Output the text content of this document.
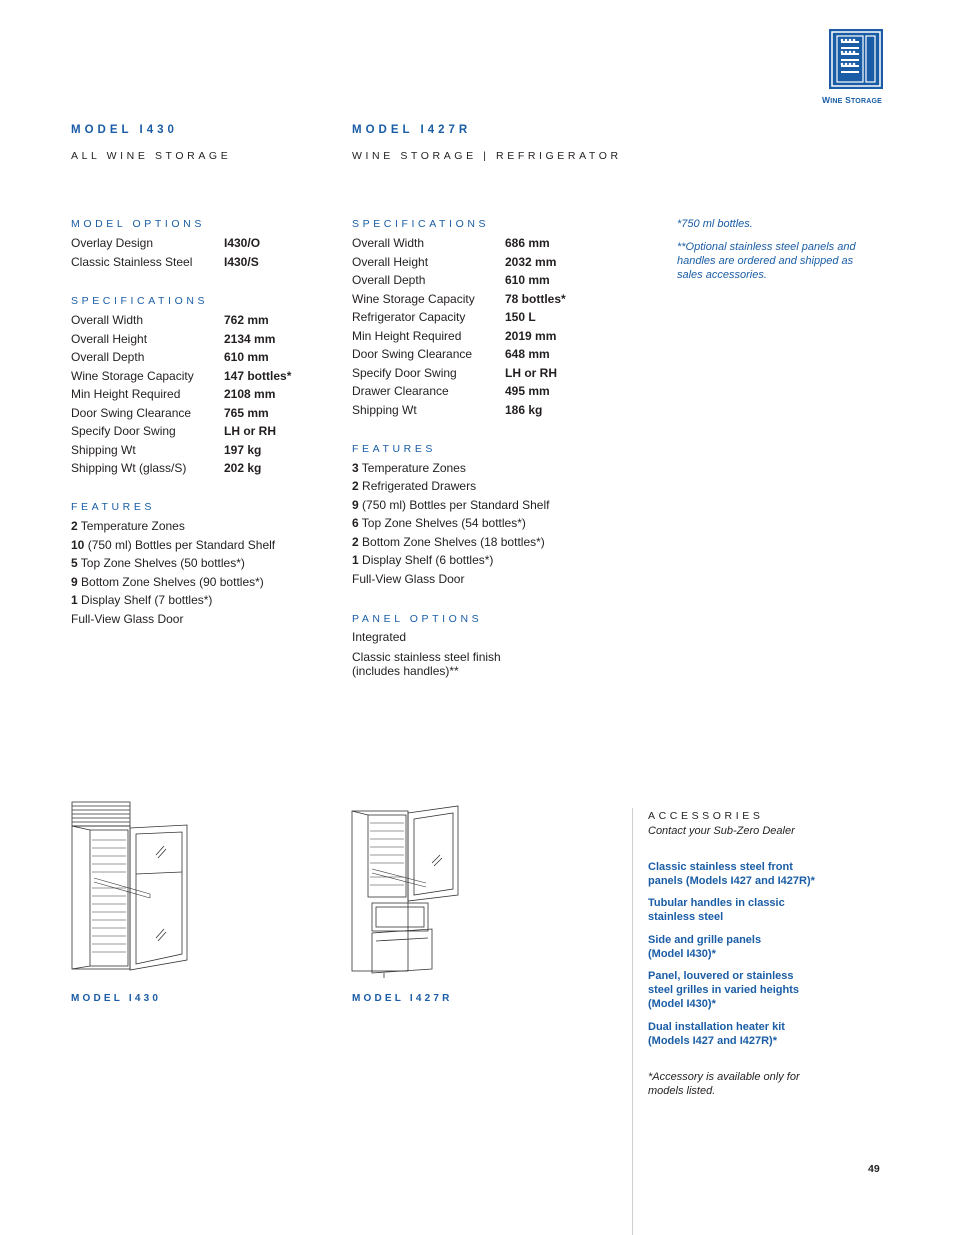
WINE STORAGE
MODEL I430
ALL WINE STORAGE
MODEL OPTIONS
Overlay Design	I430/O
Classic Stainless Steel	I430/S
SPECIFICATIONS
Overall Width	762 mm
Overall Height	2134 mm
Overall Depth	610 mm
Wine Storage Capacity	147 bottles*
Min Height Required	2108 mm
Door Swing Clearance	765 mm
Specify Door Swing	LH or RH
Shipping Wt	197 kg
Shipping Wt (glass/S)	202 kg
FEATURES
2 Temperature Zones
10 (750 ml) Bottles per Standard Shelf
5 Top Zone Shelves (50 bottles*)
9 Bottom Zone Shelves (90 bottles*)
1 Display Shelf (7 bottles*)
Full-View Glass Door
MODEL I427R
WINE STORAGE | REFRIGERATOR
SPECIFICATIONS
Overall Width	686 mm
Overall Height	2032 mm
Overall Depth	610 mm
Wine Storage Capacity	78 bottles*
Refrigerator Capacity	150 L
Min Height Required	2019 mm
Door Swing Clearance	648 mm
Specify Door Swing	LH or RH
Drawer Clearance	495 mm
Shipping Wt	186 kg
FEATURES
3 Temperature Zones
2 Refrigerated Drawers
9 (750 ml) Bottles per Standard Shelf
6 Top Zone Shelves (54 bottles*)
2 Bottom Zone Shelves (18 bottles*)
1 Display Shelf (6 bottles*)
Full-View Glass Door
PANEL OPTIONS
Integrated
Classic stainless steel finish
(includes handles)**
*750 ml bottles.
**Optional stainless steel panels and
handles are ordered and shipped as
sales accessories.
MODEL I430	MODEL I427R
ACCESSORIES
Contact your Sub-Zero Dealer
Classic stainless steel front
panels (Models I427 and I427R)*
Tubular handles in classic
stainless steel
Side and grille panels
(Model I430)*
Panel, louvered or stainless
steel grilles in varied heights
(Model I430)*
Dual installation heater kit
(Models I427 and I427R)*
*Accessory is available only for
models listed.
49
